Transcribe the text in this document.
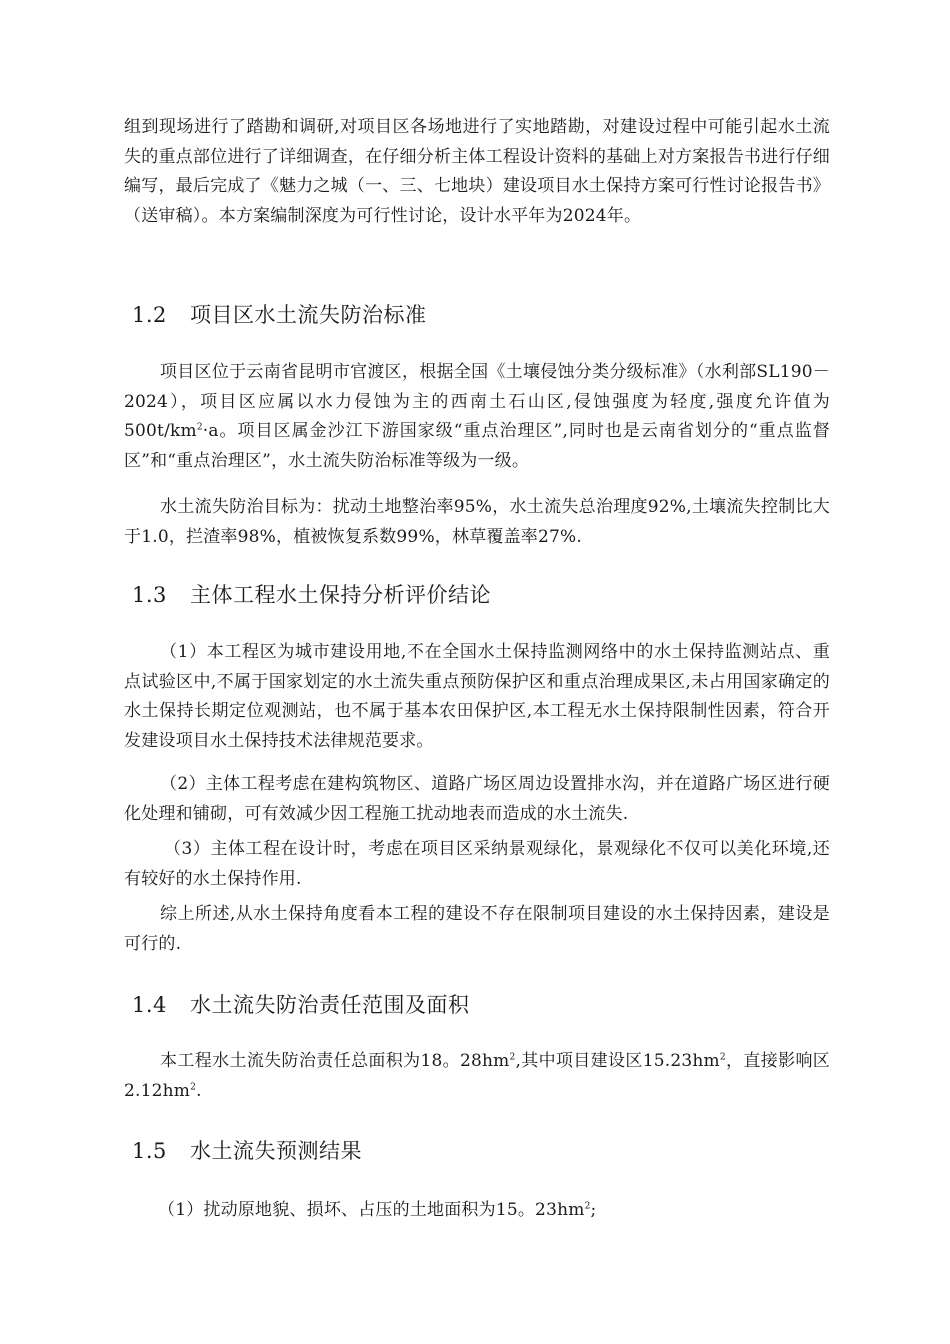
组到现场进行了踏勘和调研,对项目区各场地进行了实地踏勘，对建设过程中可能引起水土流失的重点部位进行了详细调查，在仔细分析主体工程设计资料的基础上对方案报告书进行仔细编写，最后完成了《魅力之城（一、三、七地块）建设项目水土保持方案可行性讨论报告书》（送审稿）。本方案编制深度为可行性讨论，设计水平年为2024年。

1.2 项目区水土流失防治标准

项目区位于云南省昆明市官渡区，根据全国《土壤侵蚀分类分级标准》（水利部SL190－2024），项目区应属以水力侵蚀为主的西南土石山区,侵蚀强度为轻度,强度允许值为$500t/km^2\cdot a$。项目区属金沙江下游国家级“重点治理区”,同时也是云南省划分的“重点监督区”和“重点治理区”，水土流失防治标准等级为一级。

水土流失防治目标为：扰动土地整治率95%，水土流失总治理度92%,土壤流失控制比大于1.0，拦渣率98%，植被恢复系数99%，林草覆盖率27%.

1.3 主体工程水土保持分析评价结论

（1）本工程区为城市建设用地,不在全国水土保持监测网络中的水土保持监测站点、重点试验区中,不属于国家划定的水土流失重点预防保护区和重点治理成果区,未占用国家确定的水土保持长期定位观测站，也不属于基本农田保护区,本工程无水土保持限制性因素，符合开发建设项目水土保持技术法律规范要求。

（2）主体工程考虑在建构筑物区、道路广场区周边设置排水沟，并在道路广场区进行硬化处理和铺砌，可有效减少因工程施工扰动地表而造成的水土流失.

（3）主体工程在设计时，考虑在项目区采纳景观绿化，景观绿化不仅可以美化环境,还有较好的水土保持作用.

综上所述,从水土保持角度看本工程的建设不存在限制项目建设的水土保持因素，建设是可行的.

1.4 水土流失防治责任范围及面积

本工程水土流失防治责任总面积为18。$28hm^2$,其中项目建设区$15.23hm^2$，直接影响区$2.12hm^2$.

1.5 水土流失预测结果

（1）扰动原地貌、损坏、占压的土地面积为15。$23hm^2$;
